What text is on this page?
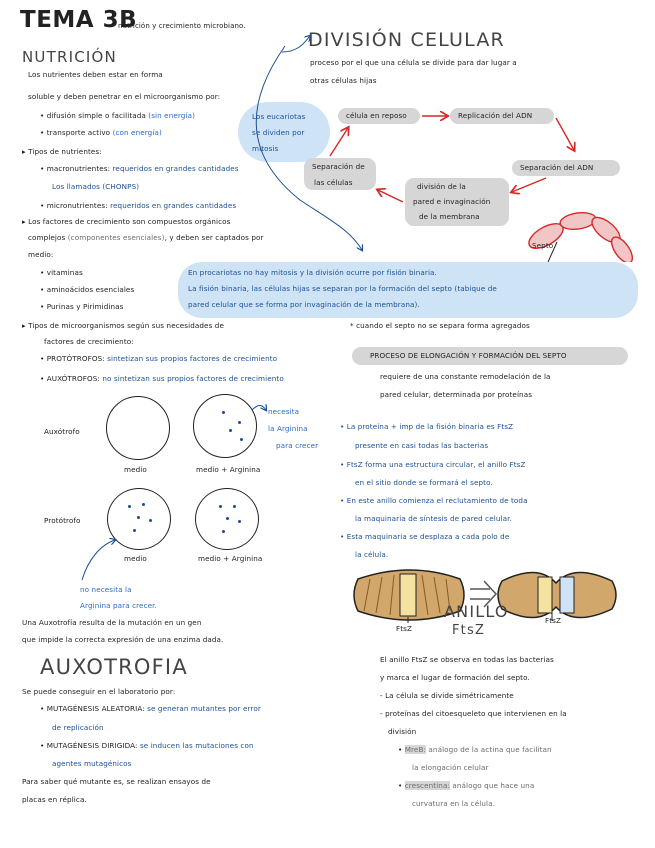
TEMA 3B
nutrición y crecimiento microbiano.
NUTRICIÓN
Los nutrientes deben estar en forma
soluble y deben penetrar en el microorganismo por:
• difusión simple o facilitada (sin energía)
• transporte activo (con energía)
▸ Tipos de nutrientes:
• macronutrientes: requeridos en grandes cantidades
Los llamados (CHONPS)
• micronutrientes: requeridos en grandes cantidades
▸ Los factores de crecimiento son compuestos orgánicos
complejos (componentes esenciales), y deben ser captados por
medio:
• vitaminas
• aminoácidos esenciales
• Purinas y Pirimidinas
▸ Tipos de microorganismos según sus necesidades de
factores de crecimiento:
• PROTÓTROFOS: sintetizan sus propios factores de crecimiento
• AUXÓTROFOS: no sintetizan sus propios factores de crecimiento
Auxótrofo
medio	medio + Arginina
necesita
la Arginina
para crecer
Protótrofo
medio	medio + Arginina
no necesita la
Arginina para crecer.
Una Auxotrofía resulta de la mutación en un gen
que impide la correcta expresión de una enzima dada.
AUXOTROFIA
Se puede conseguir en el laboratorio por:
• MUTAGÉNESIS ALEATORIA: se generan mutantes por error
de replicación
• MUTAGÉNESIS DIRIGIDA: se inducen las mutaciones con
agentes mutagénicos
Para saber qué mutante es, se realizan ensayos de
placas en réplica.
DIVISIÓN CELULAR
proceso por el que una célula se divide para dar lugar a
otras células hijas
Los eucariotas
se dividen por
mitosis
célula en reposo	Replicación del ADN
Separación del ADN
división de la
pared e invaginación
de la membrana
Separación de
las células
Septo
En procariotas no hay mitosis y la división ocurre por fisión binaria.
La fisión binaria, las células hijas se separan por la formación del septo (tabique de
pared celular que se forma por invaginación de la membrana).
* cuando el septo no se separa forma agregados
PROCESO DE ELONGACIÓN Y FORMACIÓN DEL SEPTO
requiere de una constante remodelación de la
pared celular, determinada por proteínas
• La proteína + imp de la fisión binaria es FtsZ
presente en casi todas las bacterias
• FtsZ forma una estructura circular, el anillo FtsZ
en el sitio donde se formará el septo.
• En este anillo comienza el reclutamiento de toda
la maquinaria de síntesis de pared celular.
• Esta maquinaria se desplaza a cada polo de
la célula.
FtsZ
FtsZ
ANILLO
FtsZ
El anillo FtsZ se observa en todas las bacterias
y marca el lugar de formación del septo.
- La célula se divide simétricamente
- proteínas del citoesqueleto que intervienen en la
división
• MreB: análogo de la actina que facilitan
la elongación celular
• crescentina: análogo que hace una
curvatura en la célula.
